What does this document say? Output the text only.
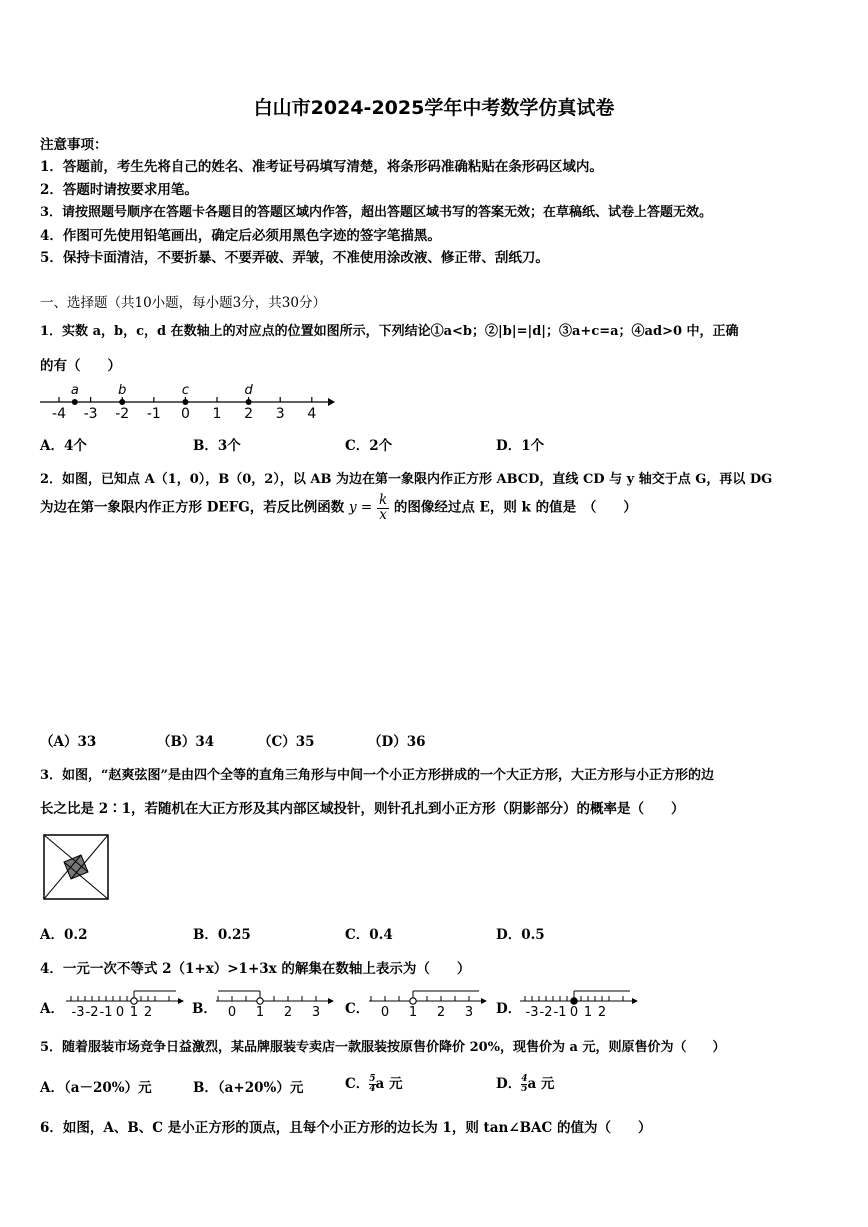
白山市2024-2025学年中考数学仿真试卷
注意事项：
1．答题前，考生先将自己的姓名、准考证号码填写清楚，将条形码准确粘贴在条形码区域内。
2．答题时请按要求用笔。
3．请按照题号顺序在答题卡各题目的答题区域内作答，超出答题区域书写的答案无效；在草稿纸、试卷上答题无效。
4．作图可先使用铅笔画出，确定后必须用黑色字迹的签字笔描黑。
5．保持卡面清洁，不要折暴、不要弄破、弄皱，不准使用涂改液、修正带、刮纸刀。
一、选择题（共10小题，每小题3分，共30分）
1．实数 a，b，c，d 在数轴上的对应点的位置如图所示，下列结论①a<b；②|b|=|d|；③a+c=a；④ad>0 中，正确
的有（　　）
-4 -3 -2 -1 0 1 2 3 4
a	b	c	d
A．4个	B．3个	C．2个	D．1个
2．如图，已知点 A（1，0），B（0，2），以 AB 为边在第一象限内作正方形 ABCD，直线 CD 与 y 轴交于点 G，再以 DG
为边在第一象限内作正方形 DEFG，若反比例函数 $y = \frac{k}{x}$ 的图像经过点 E，则 k 的值是　（　　）
（A）33	（B）34	（C）35	（D）36
3．如图，“赵爽弦图”是由四个全等的直角三角形与中间一个小正方形拼成的一个大正方形，大正方形与小正方形的边
长之比是 2∶1，若随机在大正方形及其内部区域投针，则针孔扎到小正方形（阴影部分）的概率是（　　）
A．0.2	B．0.25	C．0.4	D．0.5
4．一元一次不等式 2（1+x）>1+3x 的解集在数轴上表示为（　　）
A． -3 -2 -1 0 1 2	B． 0 1 2 3 C． 0 1 2 3 D． -3 -2 -1 0 1 2
5．随着服装市场竞争日益激烈，某品牌服装专卖店一款服装按原售价降价 20%，现售价为 a 元，则原售价为（　　）
A．（a－20%）元	B．（a+20%）元	C． $\frac{5}{4}$ a 元	D． $\frac{4}{5}$ a 元
6．如图，A、B、C 是小正方形的顶点，且每个小正方形的边长为 1，则 tan∠BAC 的值为（　　）
